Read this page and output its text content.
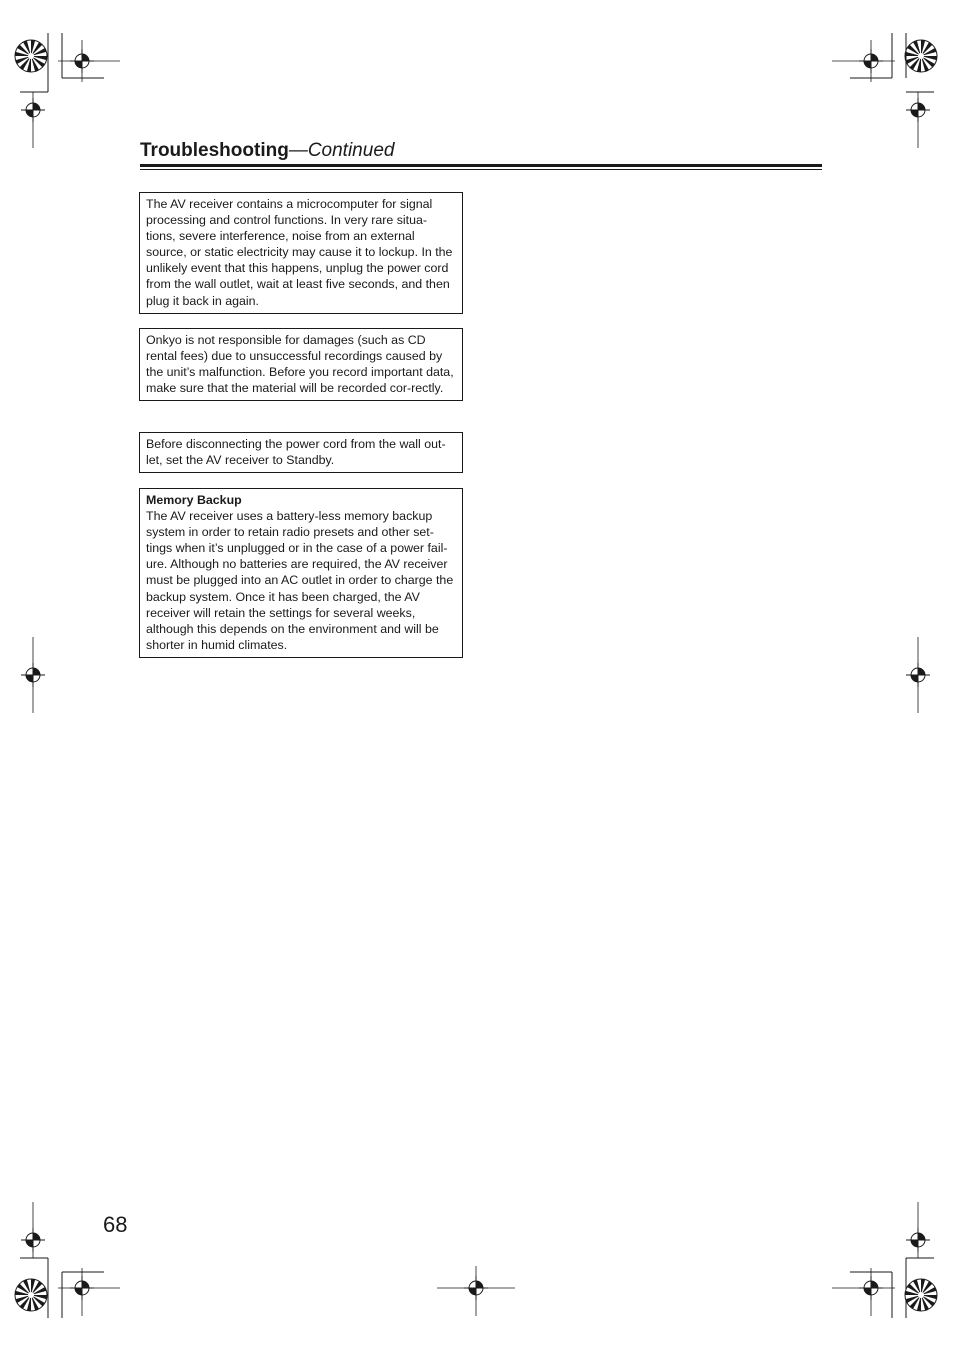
Troubleshooting—Continued
The AV receiver contains a microcomputer for signal processing and control functions. In very rare situa-tions, severe interference, noise from an external source, or static electricity may cause it to lockup. In the unlikely event that this happens, unplug the power cord from the wall outlet, wait at least five seconds, and then plug it back in again.
Onkyo is not responsible for damages (such as CD rental fees) due to unsuccessful recordings caused by the unit’s malfunction. Before you record important data, make sure that the material will be recorded cor-rectly.
Before disconnecting the power cord from the wall out-let, set the AV receiver to Standby.
Memory Backup
The AV receiver uses a battery-less memory backup system in order to retain radio presets and other set-tings when it’s unplugged or in the case of a power fail-ure. Although no batteries are required, the AV receiver must be plugged into an AC outlet in order to charge the backup system. Once it has been charged, the AV receiver will retain the settings for several weeks, although this depends on the environment and will be shorter in humid climates.
68
